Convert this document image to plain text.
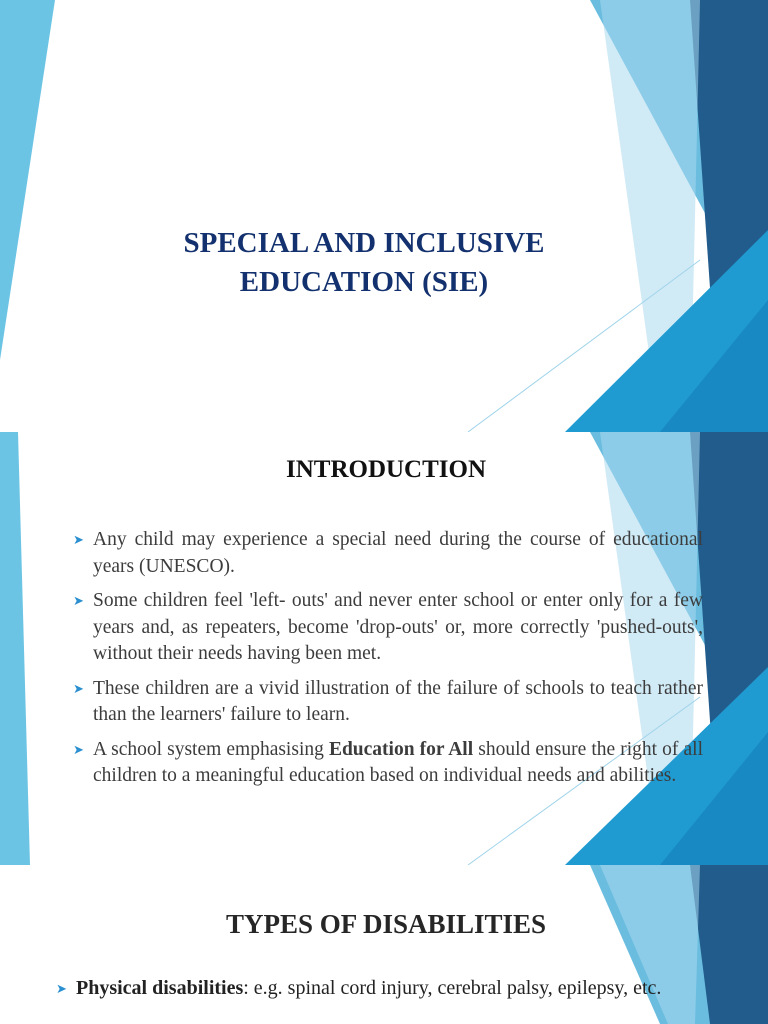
SPECIAL AND INCLUSIVE
EDUCATION (SIE)
INTRODUCTION
➤ Any child may experience a special need during the course of educational years (UNESCO).
➤ Some children feel 'left- outs' and never enter school or enter only for a few years and, as repeaters, become 'drop-outs' or, more correctly 'pushed-outs', without their needs having been met.
➤ These children are a vivid illustration of the failure of schools to teach rather than the learners' failure to learn.
➤ A school system emphasising Education for All should ensure the right of all children to a meaningful education based on individual needs and abilities.
TYPES OF DISABILITIES
➤ Physical disabilities: e.g. spinal cord injury, cerebral palsy, epilepsy, etc.
